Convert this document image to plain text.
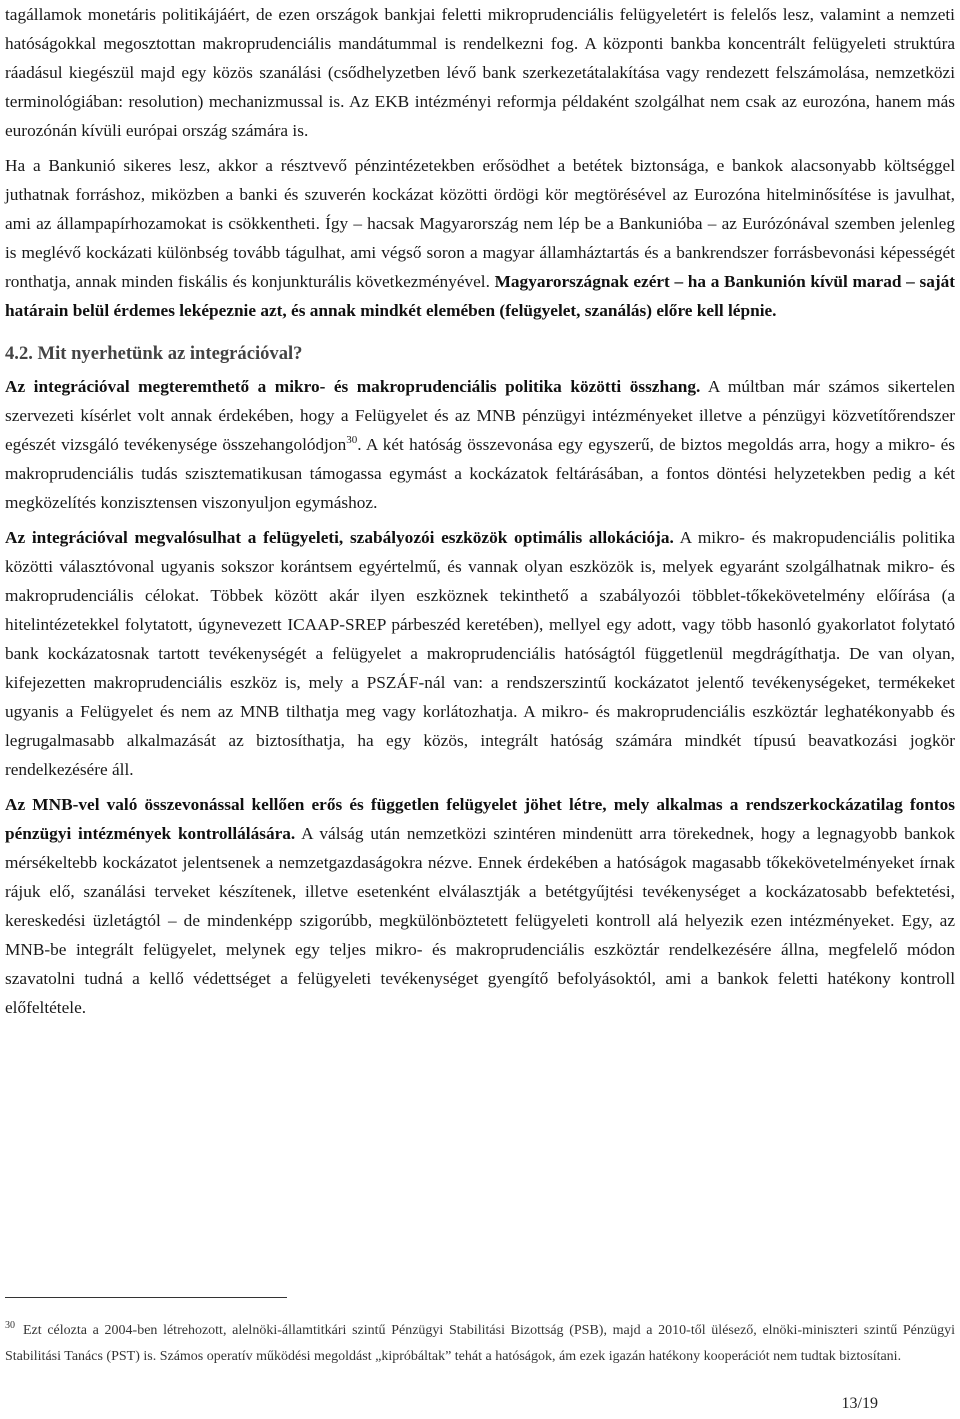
tagállamok monetáris politikájáért, de ezen országok bankjai feletti mikroprudenciális felügyeletért is felelős lesz, valamint a nemzeti hatóságokkal megosztottan makroprudenciális mandátummal is rendelkezni fog. A központi bankba koncentrált felügyeleti struktúra ráadásul kiegészül majd egy közös szanálási (csődhelyzetben lévő bank szerkezetátalakítása vagy rendezett felszámolása, nemzetközi terminológiában: resolution) mechanizmussal is. Az EKB intézményi reformja példaként szolgálhat nem csak az eurozóna, hanem más eurozónán kívüli európai ország számára is.

Ha a Bankunió sikeres lesz, akkor a résztvevő pénzintézetekben erősödhet a betétek biztonsága, e bankok alacsonyabb költséggel juthatnak forráshoz, miközben a banki és szuverén kockázat közötti ördögi kör megtörésével az Eurozóna hitelminősítése is javulhat, ami az állampapírhozamokat is csökkentheti. Így – hacsak Magyarország nem lép be a Bankunióba – az Eurózónával szemben jelenleg is meglévő kockázati különbség tovább tágulhat, ami végső soron a magyar államháztartás és a bankrendszer forrásbevonási képességét ronthatja, annak minden fiskális és konjunkturális következményével. Magyarországnak ezért – ha a Bankunión kívül marad – saját határain belül érdemes leképeznie azt, és annak mindkét elemében (felügyelet, szanálás) előre kell lépnie.

4.2. Mit nyerhetünk az integrációval?

Az integrációval megteremthető a mikro- és makroprudenciális politika közötti összhang. A múltban már számos sikertelen szervezeti kísérlet volt annak érdekében, hogy a Felügyelet és az MNB pénzügyi intézményeket illetve a pénzügyi közvetítőrendszer egészét vizsgáló tevékenysége összehangolódjon$^{30}$. A két hatóság összevonása egy egyszerű, de biztos megoldás arra, hogy a mikro- és makroprudenciális tudás szisztematikusan támogassa egymást a kockázatok feltárásában, a fontos döntési helyzetekben pedig a két megközelítés konzisztensen viszonyuljon egymáshoz.

Az integrációval megvalósulhat a felügyeleti, szabályozói eszközök optimális allokációja. A mikro- és makropudenciális politika közötti választóvonal ugyanis sokszor korántsem egyértelmű, és vannak olyan eszközök is, melyek egyaránt szolgálhatnak mikro- és makroprudenciális célokat. Többek között akár ilyen eszköznek tekinthető a szabályozói többlet-tőkekövetelmény előírása (a hitelintézetekkel folytatott, úgynevezett ICAAP-SREP párbeszéd keretében), mellyel egy adott, vagy több hasonló gyakorlatot folytató bank kockázatosnak tartott tevékenységét a felügyelet a makroprudenciális hatóságtól függetlenül megdrágíthatja. De van olyan, kifejezetten makroprudenciális eszköz is, mely a PSZÁF-nál van: a rendszerszintű kockázatot jelentő tevékenységeket, termékeket ugyanis a Felügyelet és nem az MNB tilthatja meg vagy korlátozhatja. A mikro- és makroprudenciális eszköztár leghatékonyabb és legrugalmasabb alkalmazását az biztosíthatja, ha egy közös, integrált hatóság számára mindkét típusú beavatkozási jogkör rendelkezésére áll.

Az MNB-vel való összevonással kellően erős és független felügyelet jöhet létre, mely alkalmas a rendszerkockázatilag fontos pénzügyi intézmények kontrollálására. A válság után nemzetközi szintéren mindenütt arra törekednek, hogy a legnagyobb bankok mérsékeltebb kockázatot jelentsenek a nemzetgazdaságokra nézve. Ennek érdekében a hatóságok magasabb tőkekövetelményeket írnak rájuk elő, szanálási terveket készítenek, illetve esetenként elválasztják a betétgyűjtési tevékenységet a kockázatosabb befektetési, kereskedési üzletágtól – de mindenképp szigorúbb, megkülönböztetett felügyeleti kontroll alá helyezik ezen intézményeket. Egy, az MNB-be integrált felügyelet, melynek egy teljes mikro- és makroprudenciális eszköztár rendelkezésére állna, megfelelő módon szavatolni tudná a kellő védettséget a felügyeleti tevékenységet gyengítő befolyásoktól, ami a bankok feletti hatékony kontroll előfeltétele.

$^{30}$ Ezt célozta a 2004-ben létrehozott, alelnöki-államtitkári szintű Pénzügyi Stabilitási Bizottság (PSB), majd a 2010-től ülésező, elnöki-miniszteri szintű Pénzügyi Stabilitási Tanács (PST) is. Számos operatív működési megoldást „kipróbáltak” tehát a hatóságok, ám ezek igazán hatékony kooperációt nem tudtak biztosítani.
13/19
